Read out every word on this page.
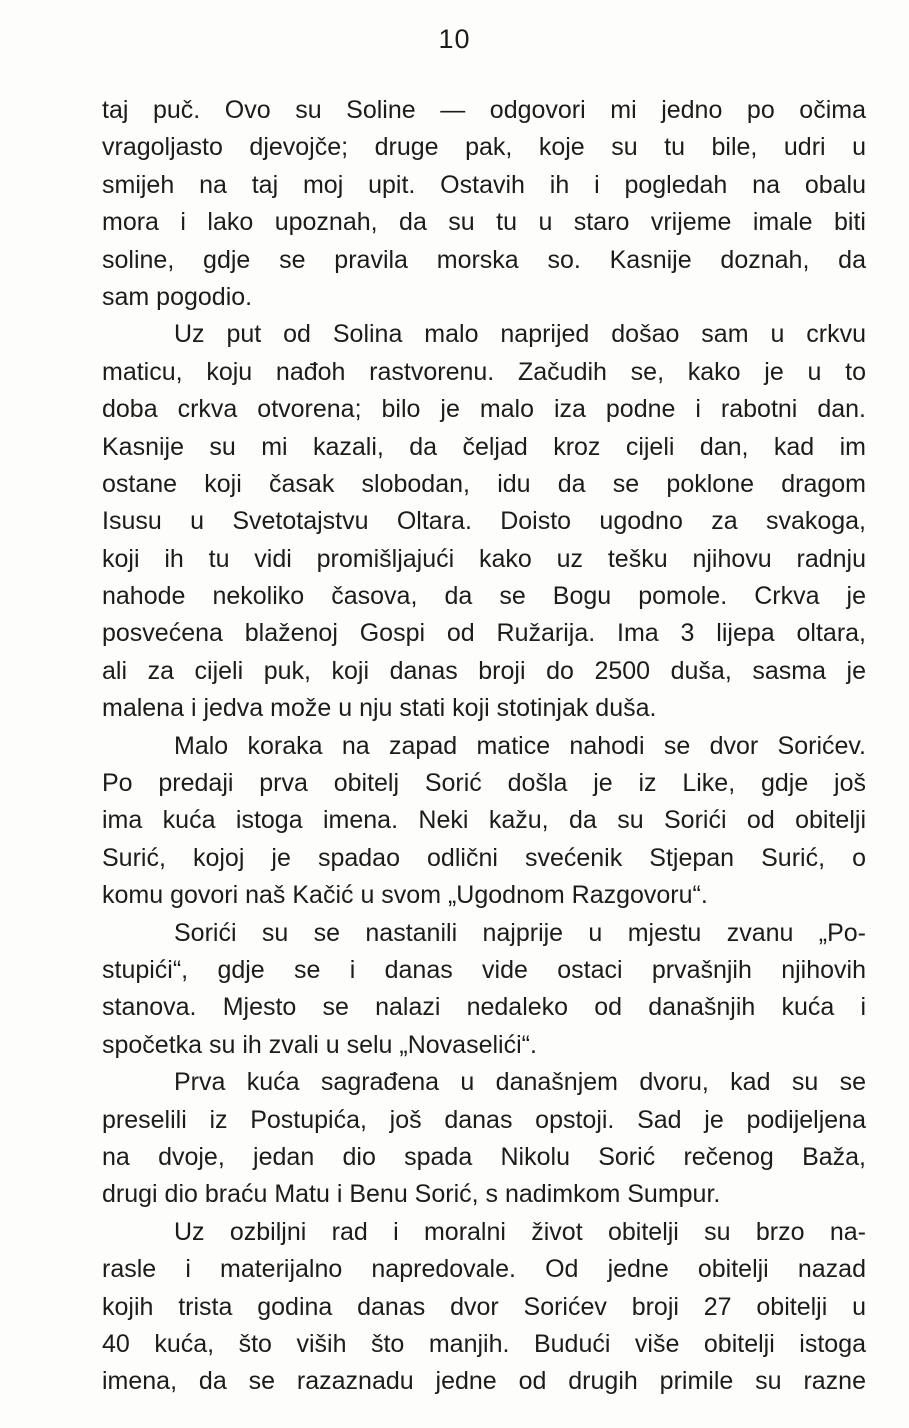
10
taj puč. Ovo su Soline — odgovori mi jedno po očima
vragoljasto djevojče; druge pak, koje su tu bile, udri u
smijeh na taj moj upit. Ostavih ih i pogledah na obalu
mora i lako upoznah, da su tu u staro vrijeme imale biti
soline, gdje se pravila morska so. Kasnije doznah, da
sam pogodio.
Uz put od Solina malo naprijed došao sam u crkvu
maticu, koju nađoh rastvorenu. Začudih se, kako je u to
doba crkva otvorena; bilo je malo iza podne i rabotni dan.
Kasnije su mi kazali, da čeljad kroz cijeli dan, kad im
ostane koji časak slobodan, idu da se poklone dragom
Isusu u Svetotajstvu Oltara. Doisto ugodno za svakoga,
koji ih tu vidi promišljajući kako uz tešku njihovu radnju
nahode nekoliko časova, da se Bogu pomole. Crkva je
posvećena blaženoj Gospi od Ružarija. Ima 3 lijepa oltara,
ali za cijeli puk, koji danas broji do 2500 duša, sasma je
malena i jedva može u nju stati koji stotinjak duša.
Malo koraka na zapad matice nahodi se dvor Sorićev.
Po predaji prva obitelj Sorić došla je iz Like, gdje još
ima kuća istoga imena. Neki kažu, da su Sorići od obitelji
Surić, kojoj je spadao odlični svećenik Stjepan Surić, o
komu govori naš Kačić u svom „Ugodnom Razgovoru“.
Sorići su se nastanili najprije u mjestu zvanu „Po-
stupići“, gdje se i danas vide ostaci prvašnjih njihovih
stanova. Mjesto se nalazi nedaleko od današnjih kuća i
spočetka su ih zvali u selu „Novaselići“.
Prva kuća sagrađena u današnjem dvoru, kad su se
preselili iz Postupića, još danas opstoji. Sad je podijeljena
na dvoje, jedan dio spada Nikolu Sorić rečenog Baža,
drugi dio braću Matu i Benu Sorić, s nadimkom Sumpur.
Uz ozbiljni rad i moralni život obitelji su brzo na-
rasle i materijalno napredovale. Od jedne obitelji nazad
kojih trista godina danas dvor Sorićev broji 27 obitelji u
40 kuća, što viših što manjih. Budući više obitelji istoga
imena, da se razaznadu jedne od drugih primile su razne
